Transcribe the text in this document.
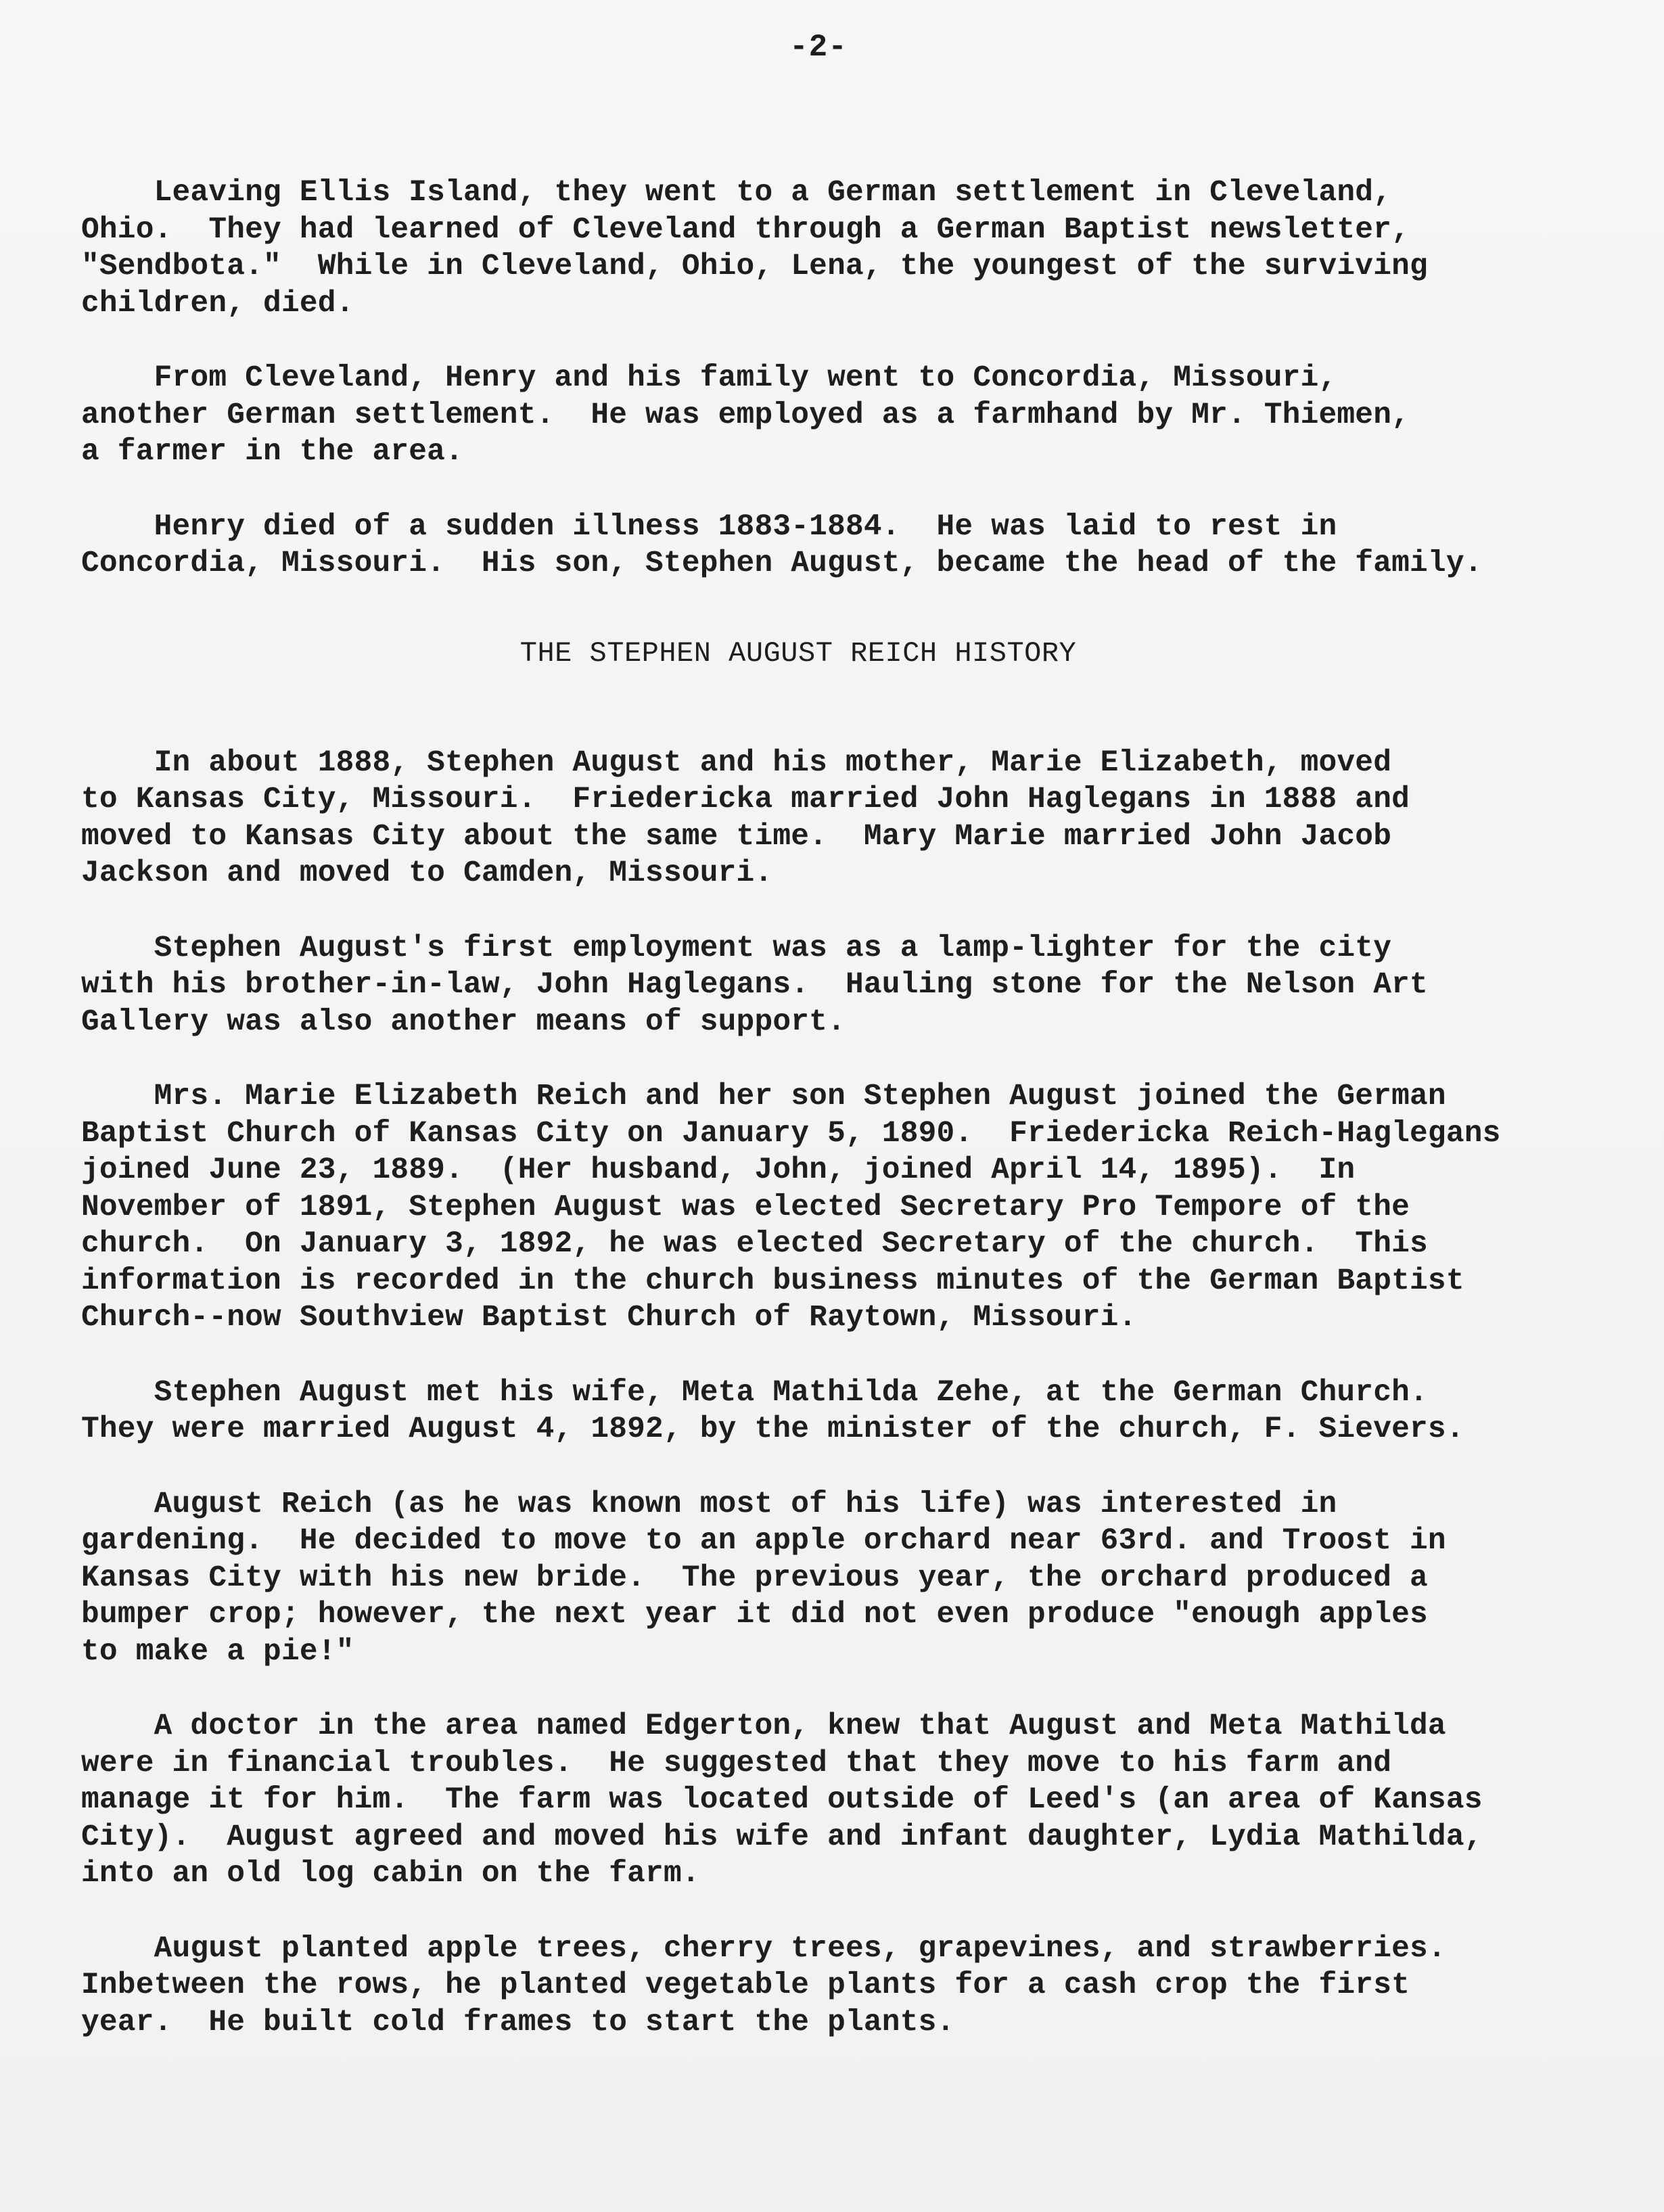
-2-
Leaving Ellis Island, they went to a German settlement in Cleveland,
Ohio.  They had learned of Cleveland through a German Baptist newsletter,
"Sendbota."  While in Cleveland, Ohio, Lena, the youngest of the surviving
children, died.
From Cleveland, Henry and his family went to Concordia, Missouri,
another German settlement.  He was employed as a farmhand by Mr. Thiemen,
a farmer in the area.
Henry died of a sudden illness 1883-1884.  He was laid to rest in
Concordia, Missouri.  His son, Stephen August, became the head of the family.
THE STEPHEN AUGUST REICH HISTORY
In about 1888, Stephen August and his mother, Marie Elizabeth, moved
to Kansas City, Missouri.  Friedericka married John Haglegans in 1888 and
moved to Kansas City about the same time.  Mary Marie married John Jacob
Jackson and moved to Camden, Missouri.
Stephen August's first employment was as a lamp-lighter for the city
with his brother-in-law, John Haglegans.  Hauling stone for the Nelson Art
Gallery was also another means of support.
Mrs. Marie Elizabeth Reich and her son Stephen August joined the German
Baptist Church of Kansas City on January 5, 1890.  Friedericka Reich-Haglegans
joined June 23, 1889.  (Her husband, John, joined April 14, 1895).  In
November of 1891, Stephen August was elected Secretary Pro Tempore of the
church.  On January 3, 1892, he was elected Secretary of the church.  This
information is recorded in the church business minutes of the German Baptist
Church--now Southview Baptist Church of Raytown, Missouri.
Stephen August met his wife, Meta Mathilda Zehe, at the German Church.
They were married August 4, 1892, by the minister of the church, F. Sievers.
August Reich (as he was known most of his life) was interested in
gardening.  He decided to move to an apple orchard near 63rd. and Troost in
Kansas City with his new bride.  The previous year, the orchard produced a
bumper crop; however, the next year it did not even produce "enough apples
to make a pie!"
A doctor in the area named Edgerton, knew that August and Meta Mathilda
were in financial troubles.  He suggested that they move to his farm and
manage it for him.  The farm was located outside of Leed's (an area of Kansas
City).  August agreed and moved his wife and infant daughter, Lydia Mathilda,
into an old log cabin on the farm.
August planted apple trees, cherry trees, grapevines, and strawberries.
Inbetween the rows, he planted vegetable plants for a cash crop the first
year.  He built cold frames to start the plants.
